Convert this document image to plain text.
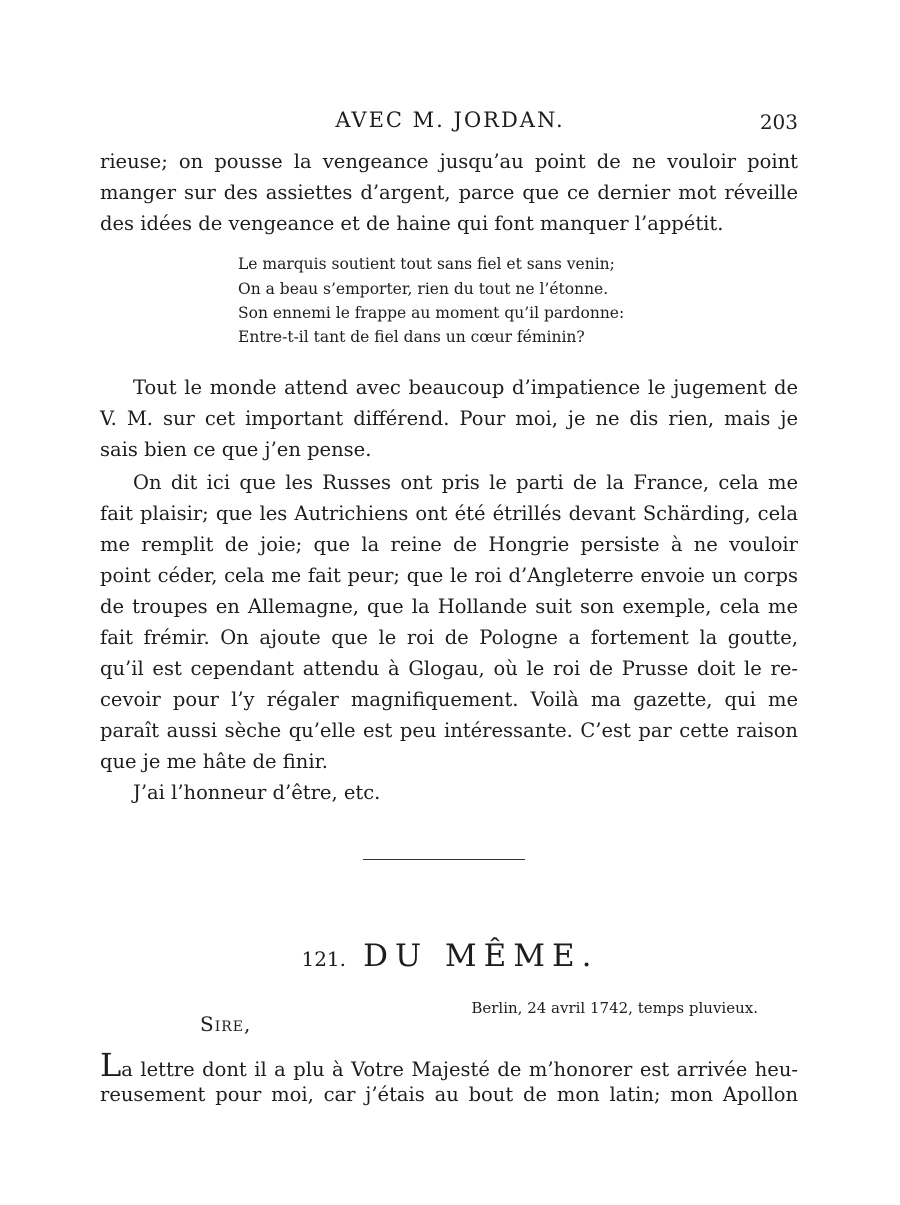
AVEC M. JORDAN.	203
rieuse; on pousse la vengeance jusqu’au point de ne vouloir point
manger sur des assiettes d’argent, parce que ce dernier mot réveille
des idées de vengeance et de haine qui font manquer l’appétit.
Le marquis soutient tout sans fiel et sans venin;
On a beau s’emporter, rien du tout ne l’étonne.
Son ennemi le frappe au moment qu’il pardonne:
Entre-t-il tant de fiel dans un cœur féminin?
Tout le monde attend avec beaucoup d’impatience le jugement de
V. M. sur cet important différend. Pour moi, je ne dis rien, mais je
sais bien ce que j’en pense.
On dit ici que les Russes ont pris le parti de la France, cela me
fait plaisir; que les Autrichiens ont été étrillés devant Schärding, cela
me remplit de joie; que la reine de Hongrie persiste à ne vouloir
point céder, cela me fait peur; que le roi d’Angleterre envoie un corps
de troupes en Allemagne, que la Hollande suit son exemple, cela me
fait frémir. On ajoute que le roi de Pologne a fortement la goutte,
qu’il est cependant attendu à Glogau, où le roi de Prusse doit le re-
cevoir pour l’y régaler magnifiquement. Voilà ma gazette, qui me
paraît aussi sèche qu’elle est peu intéressante. C’est par cette raison
que je me hâte de finir.
J’ai l’honneur d’être, etc.
121. DU MÊME.
Berlin, 24 avril 1742, temps pluvieux.
Sire,
La lettre dont il a plu à Votre Majesté de m’honorer est arrivée heu-
reusement pour moi, car j’étais au bout de mon latin; mon Apollon
